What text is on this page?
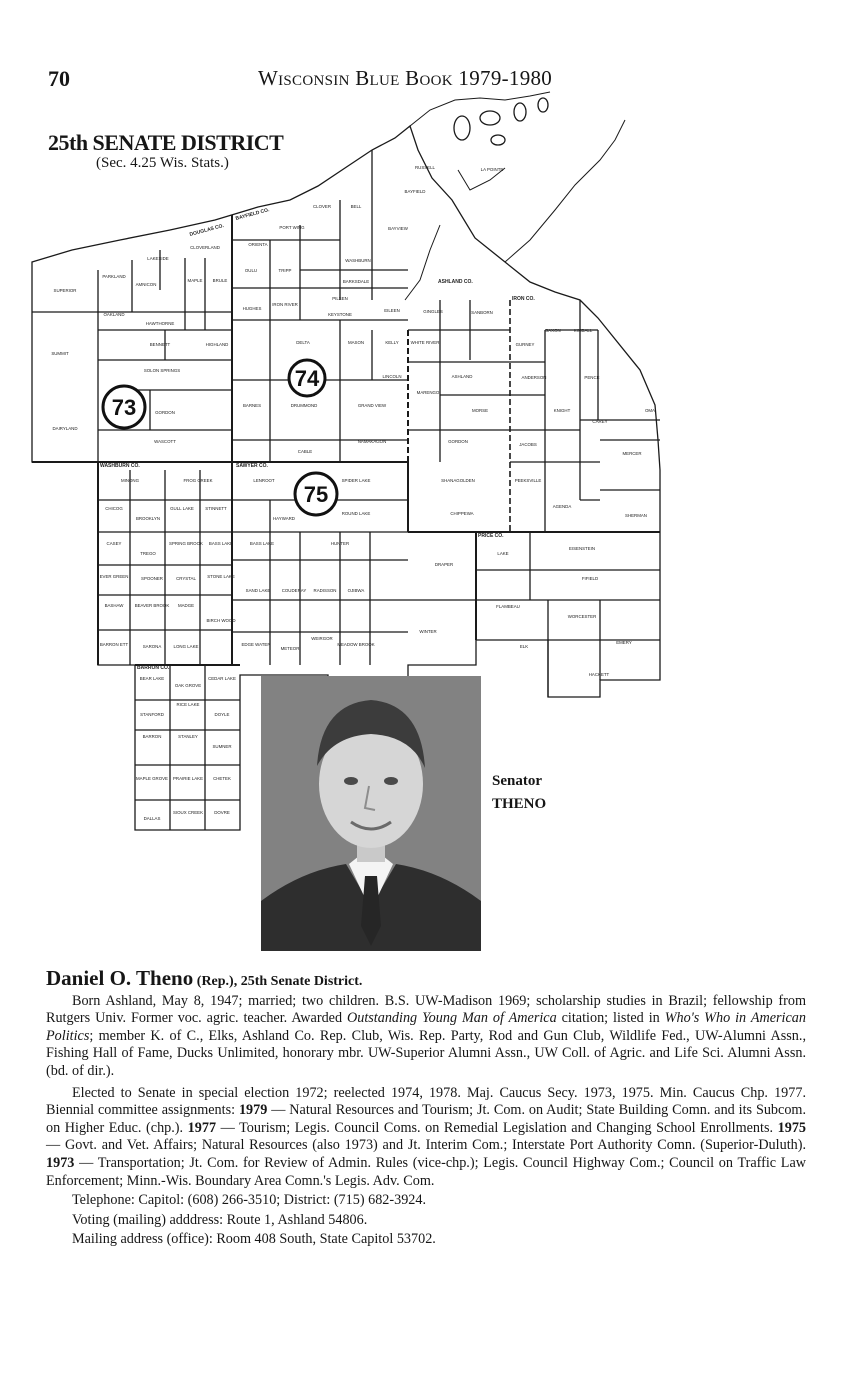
70	Wisconsin Blue Book 1979-1980
74
73
75
DOUGLAS CO.
BAYFIELD CO.
ASHLAND CO.
IRON CO.
WASHBURN CO.	SAWYER CO.
PRICE CO.
BARRON CO.
SUPERIOR
PARKLAND
LAKESIDE
CLOVERLAND
AMNICON
MAPLE BRULE
OAKLAND
HAWTHORNE
SUMMIT
BENNETT	HIGHLAND
SOLON SPRINGS
GORDON
DAIRYLAND
WASCOTT
ORIENTA
PORT WING
CLOVER	BELL
RUSSELL	LA POINTE
BAYFIELD
BAYVIEW
WASHBURN
OULU	TRIPP
BARKSDALE
HUGHES
IRON RIVER
PILSEN
KEYSTONE
EILEEN	GINGLES	SANBORN
DELTA	MASON	KELLY	WHITE RIVER	GURNEY
SAXON	KIMBALL
PENCE
BARNES	DRUMMOND
LINCOLN
MARENGO
ASHLAND	ANDERSON
GRAND VIEW
MORSE	KNIGHT
CAREY
OMA
CABLE
NAMAKAGON	GORDON
JACOBS
MERCER
MINONG	FROG CREEK	LENROOT	SPIDER LAKE	SHANAGOLDEN	PEEKSVILLE
CHICOG
BROOKLYN
GULL LAKE	STINNETT
HAYWARD
ROUND LAKE	CHIPPEWA
AGENDA
SHERMAN
CASEY
TREGO
SPRING BROOK BASS LAKE	BASS LAKE	HUNTER
LAKE
EISENSTEIN
DRAPER
EVER GREEN	SPOONER	CRYSTAL	STONE LAKE
SAND LAKE	COUDERAY RADISSON	OJIBWA
FIFIELD
BASHAW	BEAVER BROOK MADGE
BIRCH WOOD
FLAMBEAU
WORCESTER
BARRON ETT	SARONA	LONG LAKE	EDGE WATER
METEOR
WEIRGOR
MEADOW BROOK
WINTER
ELK
EMERY
HACKETT
BEAR LAKE
OAK GROVE
CEDAR LAKE
STANFORD
RICE LAKE
DOYLE
BARRON	STANLEY
SUMNER
MAPLE GROVE PRAIRIE LAKE CHETEK
DALLAS
SIOUX CREEK	DOVRE
25th SENATE DISTRICT
(Sec. 4.25 Wis. Stats.)
Senator
THENO
Daniel O. Theno (Rep.), 25th Senate District.

Born Ashland, May 8, 1947; married; two children. B.S. UW-Madison 1969; scholarship studies in Brazil; fellowship from Rutgers Univ. Former voc. agric. teacher. Awarded Outstanding Young Man of America citation; listed in Who's Who in American Politics; member K. of C., Elks, Ashland Co. Rep. Club, Wis. Rep. Party, Rod and Gun Club, Wildlife Fed., UW-Alumni Assn., Fishing Hall of Fame, Ducks Unlimited, honorary mbr. UW-Superior Alumni Assn., UW Coll. of Agric. and Life Sci. Alumni Assn. (bd. of dir.).

Elected to Senate in special election 1972; reelected 1974, 1978. Maj. Caucus Secy. 1973, 1975. Min. Caucus Chp. 1977. Biennial committee assignments: 1979 — Natural Resources and Tourism; Jt. Com. on Audit; State Building Comn. and its Subcom. on Higher Educ. (chp.). 1977 — Tourism; Legis. Council Coms. on Remedial Legislation and Changing School Enrollments. 1975 — Govt. and Vet. Affairs; Natural Resources (also 1973) and Jt. Interim Com.; Interstate Port Authority Comn. (Superior-Duluth). 1973 — Transportation; Jt. Com. for Review of Admin. Rules (vice-chp.); Legis. Council Highway Com.; Council on Traffic Law Enforcement; Minn.-Wis. Boundary Area Comn.'s Legis. Adv. Com.

Telephone: Capitol: (608) 266-3510; District: (715) 682-3924.

Voting (mailing) adddress: Route 1, Ashland 54806.

Mailing address (office): Room 408 South, State Capitol 53702.
